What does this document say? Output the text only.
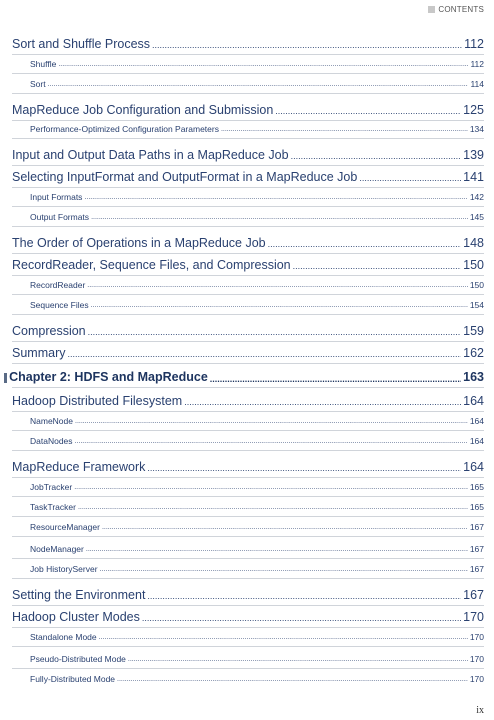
CONTENTS
Sort and Shuffle Process .....	112
Shuffle .....	112
Sort .....	114
MapReduce Job Configuration and Submission .....	125
Performance-Optimized Configuration Parameters .....	134
Input and Output Data Paths in a MapReduce Job .....	139
Selecting InputFormat and OutputFormat in a MapReduce Job .....	141
Input Formats .....	142
Output Formats .....	145
The Order of Operations in a MapReduce Job .....	148
RecordReader, Sequence Files, and Compression .....	150
RecordReader .....	150
Sequence Files .....	154
Compression .....	159
Summary .....	162
Chapter 2: HDFS and MapReduce .....	163
Hadoop Distributed Filesystem .....	164
NameNode .....	164
DataNodes .....	164
MapReduce Framework .....	164
JobTracker .....	165
TaskTracker .....	165
ResourceManager .....	167
NodeManager .....	167
Job HistoryServer .....	167
Setting the Environment .....	167
Hadoop Cluster Modes .....	170
Standalone Mode .....	170
Pseudo-Distributed Mode .....	170
Fully-Distributed Mode .....	170
ix
